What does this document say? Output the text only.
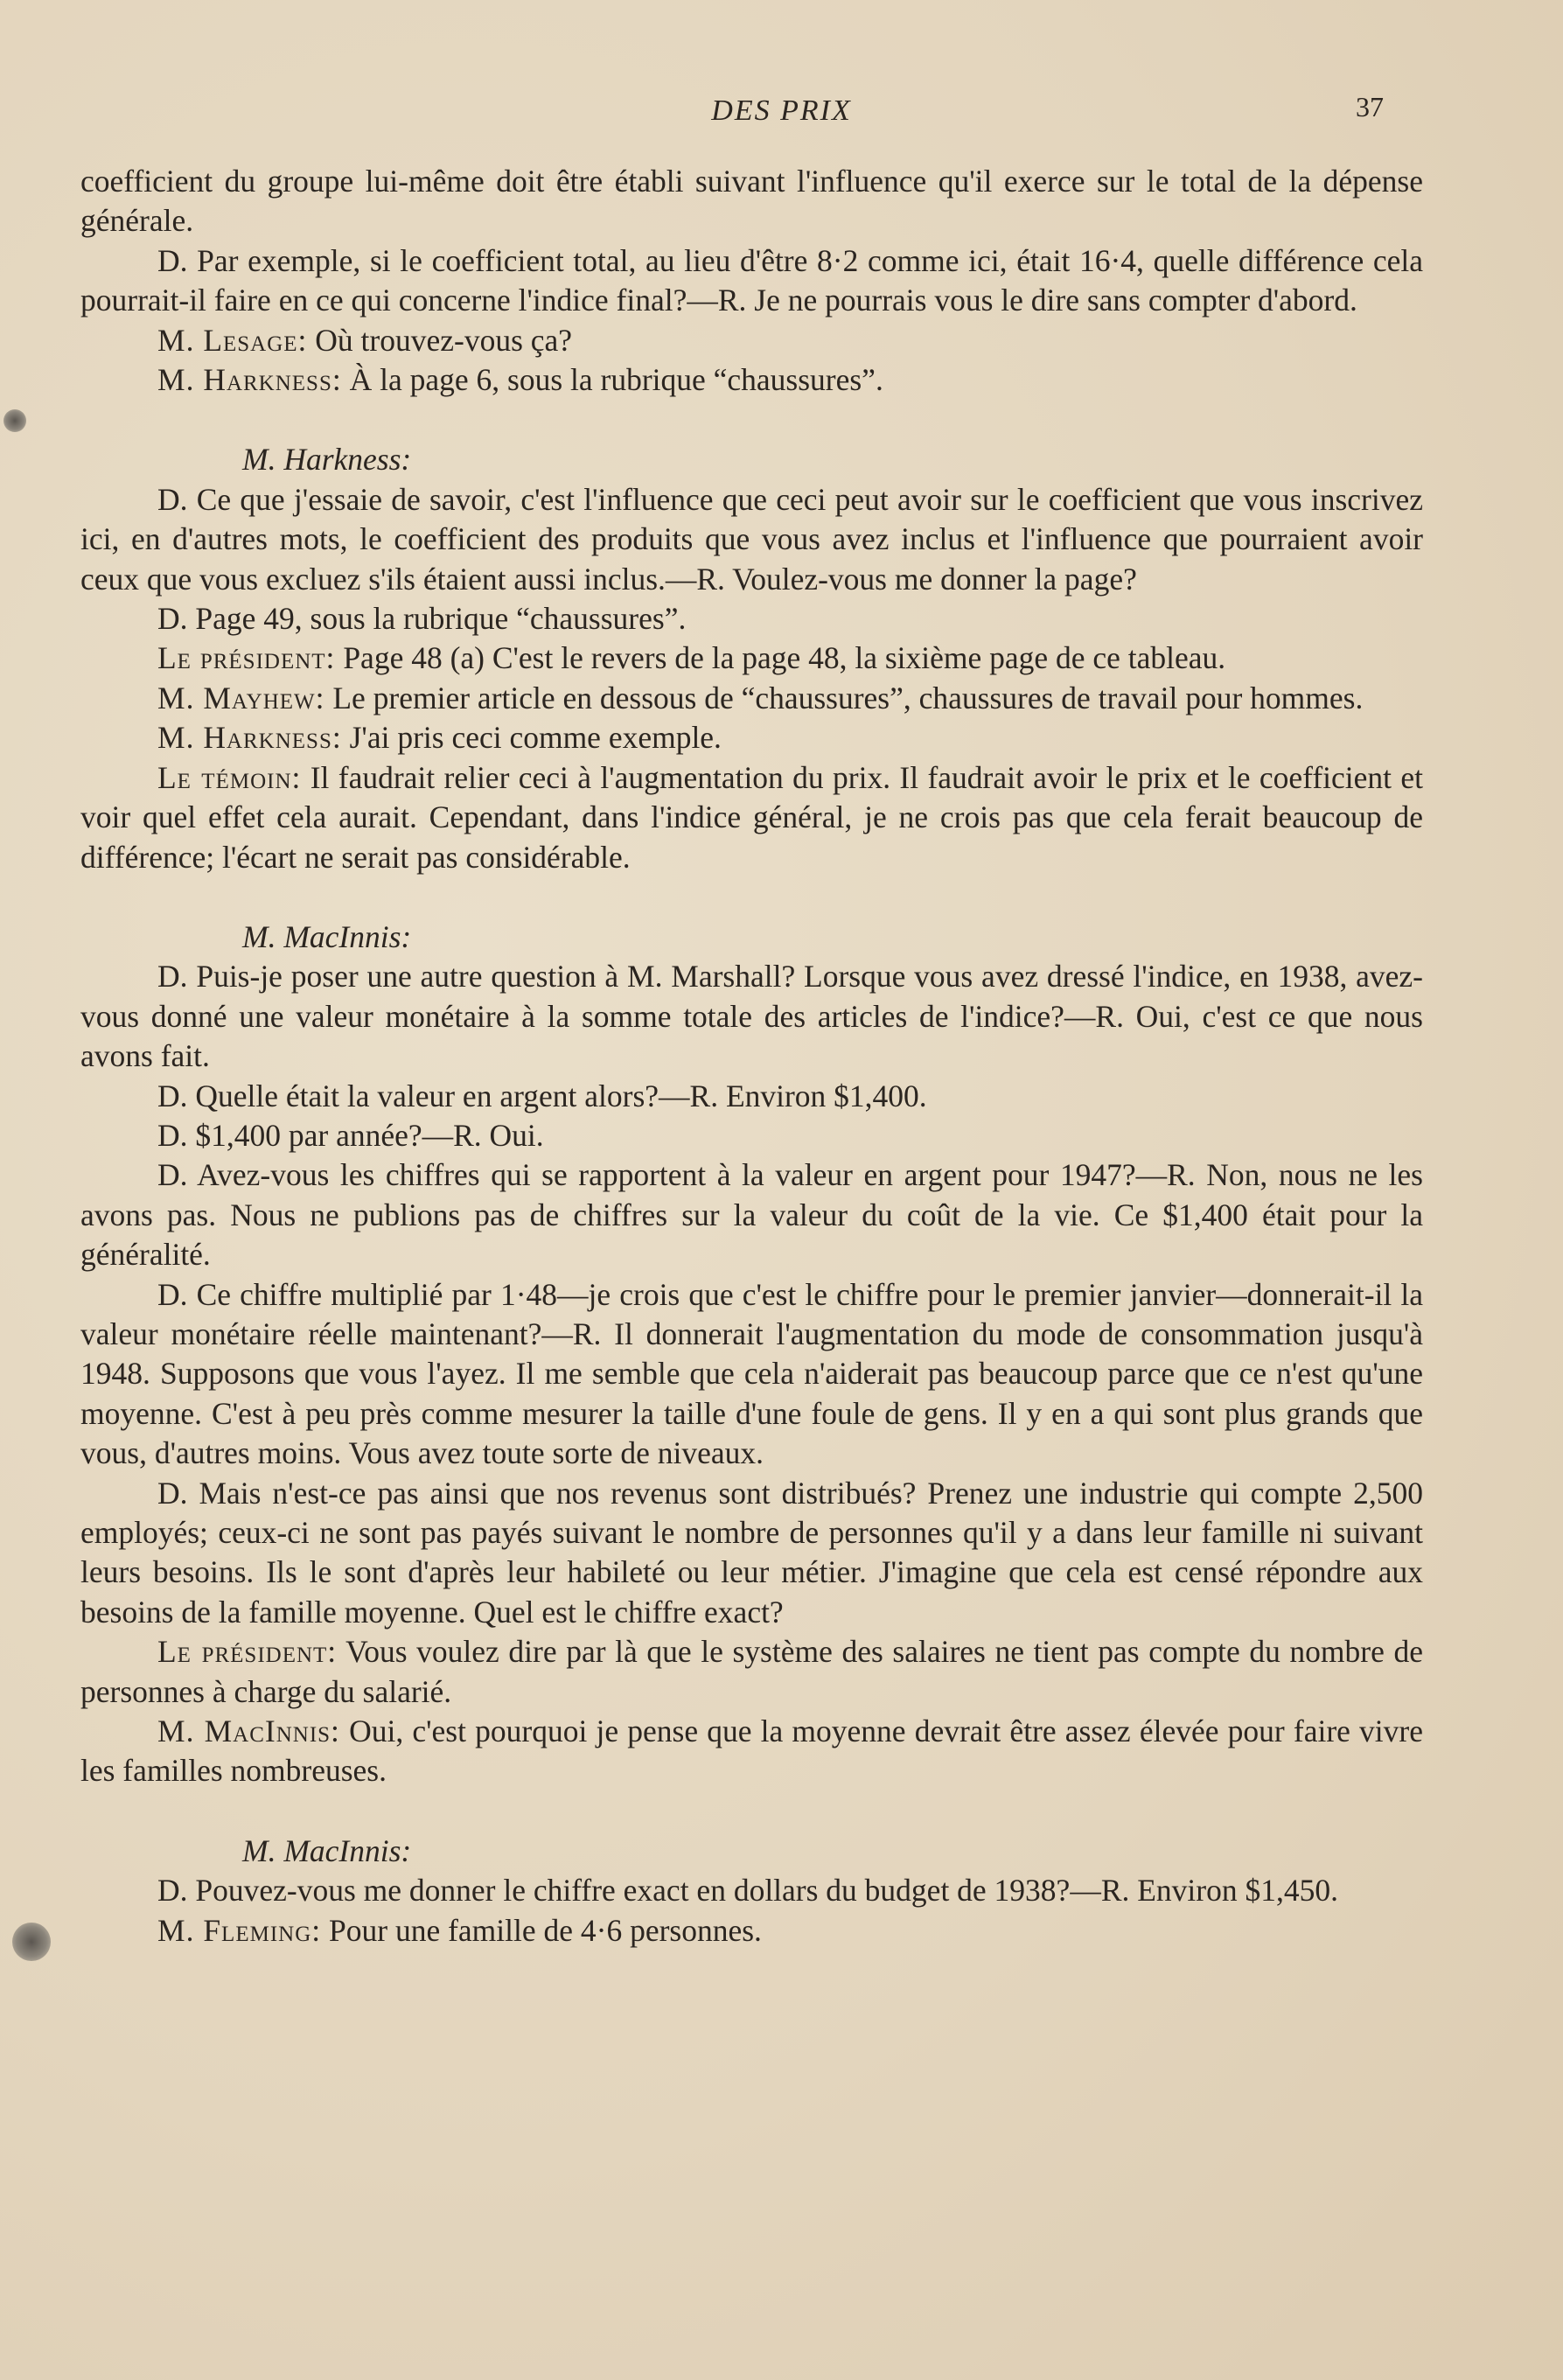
DES PRIX	37

coefficient du groupe lui-même doit être établi suivant l'influence qu'il exerce sur le total de la dépense générale.

D. Par exemple, si le coefficient total, au lieu d'être 8·2 comme ici, était 16·4, quelle différence cela pourrait-il faire en ce qui concerne l'indice final?—R. Je ne pourrais vous le dire sans compter d'abord.

M. Lesage: Où trouvez-vous ça?

M. Harkness: À la page 6, sous la rubrique “chaussures”.

M. Harkness:

D. Ce que j'essaie de savoir, c'est l'influence que ceci peut avoir sur le coefficient que vous inscrivez ici, en d'autres mots, le coefficient des produits que vous avez inclus et l'influence que pourraient avoir ceux que vous excluez s'ils étaient aussi inclus.—R. Voulez-vous me donner la page?

D. Page 49, sous la rubrique “chaussures”.

Le président: Page 48 (a) C'est le revers de la page 48, la sixième page de ce tableau.

M. Mayhew: Le premier article en dessous de “chaussures”, chaussures de travail pour hommes.

M. Harkness: J'ai pris ceci comme exemple.

Le témoin: Il faudrait relier ceci à l'augmentation du prix. Il faudrait avoir le prix et le coefficient et voir quel effet cela aurait. Cependant, dans l'indice général, je ne crois pas que cela ferait beaucoup de différence; l'écart ne serait pas considérable.

M. MacInnis:

D. Puis-je poser une autre question à M. Marshall? Lorsque vous avez dressé l'indice, en 1938, avez-vous donné une valeur monétaire à la somme totale des articles de l'indice?—R. Oui, c'est ce que nous avons fait.

D. Quelle était la valeur en argent alors?—R. Environ $1,400.

D. $1,400 par année?—R. Oui.

D. Avez-vous les chiffres qui se rapportent à la valeur en argent pour 1947?—R. Non, nous ne les avons pas. Nous ne publions pas de chiffres sur la valeur du coût de la vie. Ce $1,400 était pour la généralité.

D. Ce chiffre multiplié par 1·48—je crois que c'est le chiffre pour le premier janvier—donnerait-il la valeur monétaire réelle maintenant?—R. Il donnerait l'augmentation du mode de consommation jusqu'à 1948. Supposons que vous l'ayez. Il me semble que cela n'aiderait pas beaucoup parce que ce n'est qu'une moyenne. C'est à peu près comme mesurer la taille d'une foule de gens. Il y en a qui sont plus grands que vous, d'autres moins. Vous avez toute sorte de niveaux.

D. Mais n'est-ce pas ainsi que nos revenus sont distribués? Prenez une industrie qui compte 2,500 employés; ceux-ci ne sont pas payés suivant le nombre de personnes qu'il y a dans leur famille ni suivant leurs besoins. Ils le sont d'après leur habileté ou leur métier. J'imagine que cela est censé répondre aux besoins de la famille moyenne. Quel est le chiffre exact?

Le président: Vous voulez dire par là que le système des salaires ne tient pas compte du nombre de personnes à charge du salarié.

M. MacInnis: Oui, c'est pourquoi je pense que la moyenne devrait être assez élevée pour faire vivre les familles nombreuses.

M. MacInnis:

D. Pouvez-vous me donner le chiffre exact en dollars du budget de 1938?—R. Environ $1,450.

M. Fleming: Pour une famille de 4·6 personnes.
